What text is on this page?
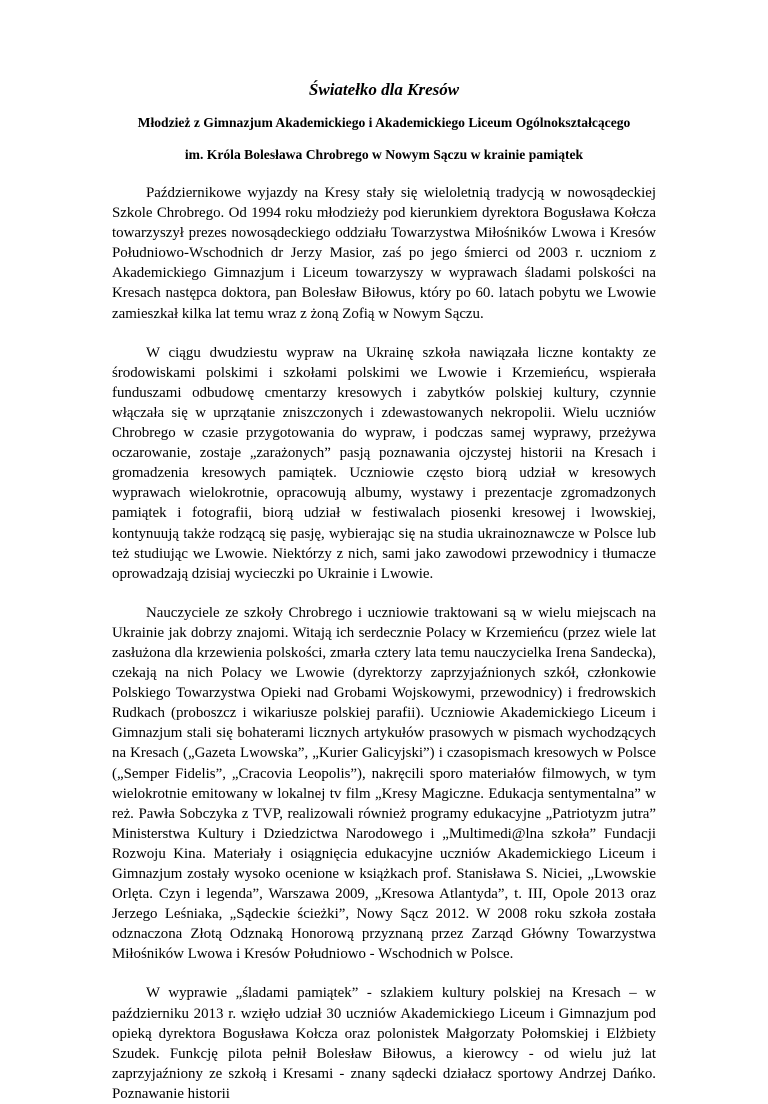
Światełko dla Kresów
Młodzież z Gimnazjum Akademickiego i Akademickiego Liceum Ogólnokształcącego
im. Króla Bolesława Chrobrego w Nowym Sączu w krainie pamiątek

Październikowe wyjazdy na Kresy stały się wieloletnią tradycją w nowosądeckiej Szkole Chrobrego. Od 1994 roku młodzieży pod kierunkiem dyrektora Bogusława Kołcza towarzyszył prezes nowosądeckiego oddziału Towarzystwa Miłośników Lwowa i Kresów Południowo-Wschodnich dr Jerzy Masior, zaś po jego śmierci od 2003 r. uczniom z Akademickiego Gimnazjum i Liceum towarzyszy w wyprawach śladami polskości na Kresach następca doktora, pan Bolesław Biłowus, który po 60. latach pobytu we Lwowie zamieszkał kilka lat temu wraz z żoną Zofią w Nowym Sączu.

W ciągu dwudziestu wypraw na Ukrainę szkoła nawiązała liczne kontakty ze środowiskami polskimi i szkołami polskimi we Lwowie i Krzemieńcu, wspierała funduszami odbudowę cmentarzy kresowych i zabytków polskiej kultury, czynnie włączała się w uprzątanie zniszczonych i zdewastowanych nekropolii. Wielu uczniów Chrobrego w czasie przygotowania do wypraw, i podczas samej wyprawy, przeżywa oczarowanie, zostaje „zarażonych” pasją poznawania ojczystej historii na Kresach i gromadzenia kresowych pamiątek. Uczniowie często biorą udział w kresowych wyprawach wielokrotnie, opracowują albumy, wystawy i prezentacje zgromadzonych pamiątek i fotografii, biorą udział w festiwalach piosenki kresowej i lwowskiej, kontynuują także rodzącą się pasję, wybierając się na studia ukrainoznawcze w Polsce lub też studiując we Lwowie. Niektórzy z nich, sami jako zawodowi przewodnicy i tłumacze oprowadzają dzisiaj wycieczki po Ukrainie i Lwowie.

Nauczyciele ze szkoły Chrobrego i uczniowie traktowani są w wielu miejscach na Ukrainie jak dobrzy znajomi. Witają ich serdecznie Polacy w Krzemieńcu (przez wiele lat zasłużona dla krzewienia polskości, zmarła cztery lata temu nauczycielka Irena Sandecka), czekają na nich Polacy we Lwowie (dyrektorzy zaprzyjaźnionych szkół, członkowie Polskiego Towarzystwa Opieki nad Grobami Wojskowymi, przewodnicy) i fredrowskich Rudkach (proboszcz i wikariusze polskiej parafii). Uczniowie Akademickiego Liceum i Gimnazjum stali się bohaterami licznych artykułów prasowych w pismach wychodzących na Kresach („Gazeta Lwowska”, „Kurier Galicyjski”) i czasopismach kresowych w Polsce („Semper Fidelis”, „Cracovia Leopolis”), nakręcili sporo materiałów filmowych, w tym wielokrotnie emitowany w lokalnej tv film „Kresy Magiczne. Edukacja sentymentalna” w reż. Pawła Sobczyka z TVP, realizowali również programy edukacyjne „Patriotyzm jutra” Ministerstwa Kultury i Dziedzictwa Narodowego i „Multimedi@lna szkoła” Fundacji Rozwoju Kina. Materiały i osiągnięcia edukacyjne uczniów Akademickiego Liceum i Gimnazjum zostały wysoko ocenione w książkach prof. Stanisława S. Niciei, „Lwowskie Orlęta. Czyn i legenda”, Warszawa 2009, „Kresowa Atlantyda”, t. III, Opole 2013 oraz Jerzego Leśniaka, „Sądeckie ścieżki”, Nowy Sącz 2012. W 2008 roku szkoła została odznaczona Złotą Odznaką Honorową przyznaną przez Zarząd Główny Towarzystwa Miłośników Lwowa i Kresów Południowo - Wschodnich w Polsce.

W wyprawie „śladami pamiątek” - szlakiem kultury polskiej na Kresach – w październiku 2013 r. wzięło udział 30 uczniów Akademickiego Liceum i Gimnazjum pod opieką dyrektora Bogusława Kołcza oraz polonistek Małgorzaty Połomskiej i Elżbiety Szudek. Funkcję pilota pełnił Bolesław Biłowus, a kierowcy - od wielu już lat zaprzyjaźniony ze szkołą i Kresami - znany sądecki działacz sportowy Andrzej Dańko. Poznawanie historii
